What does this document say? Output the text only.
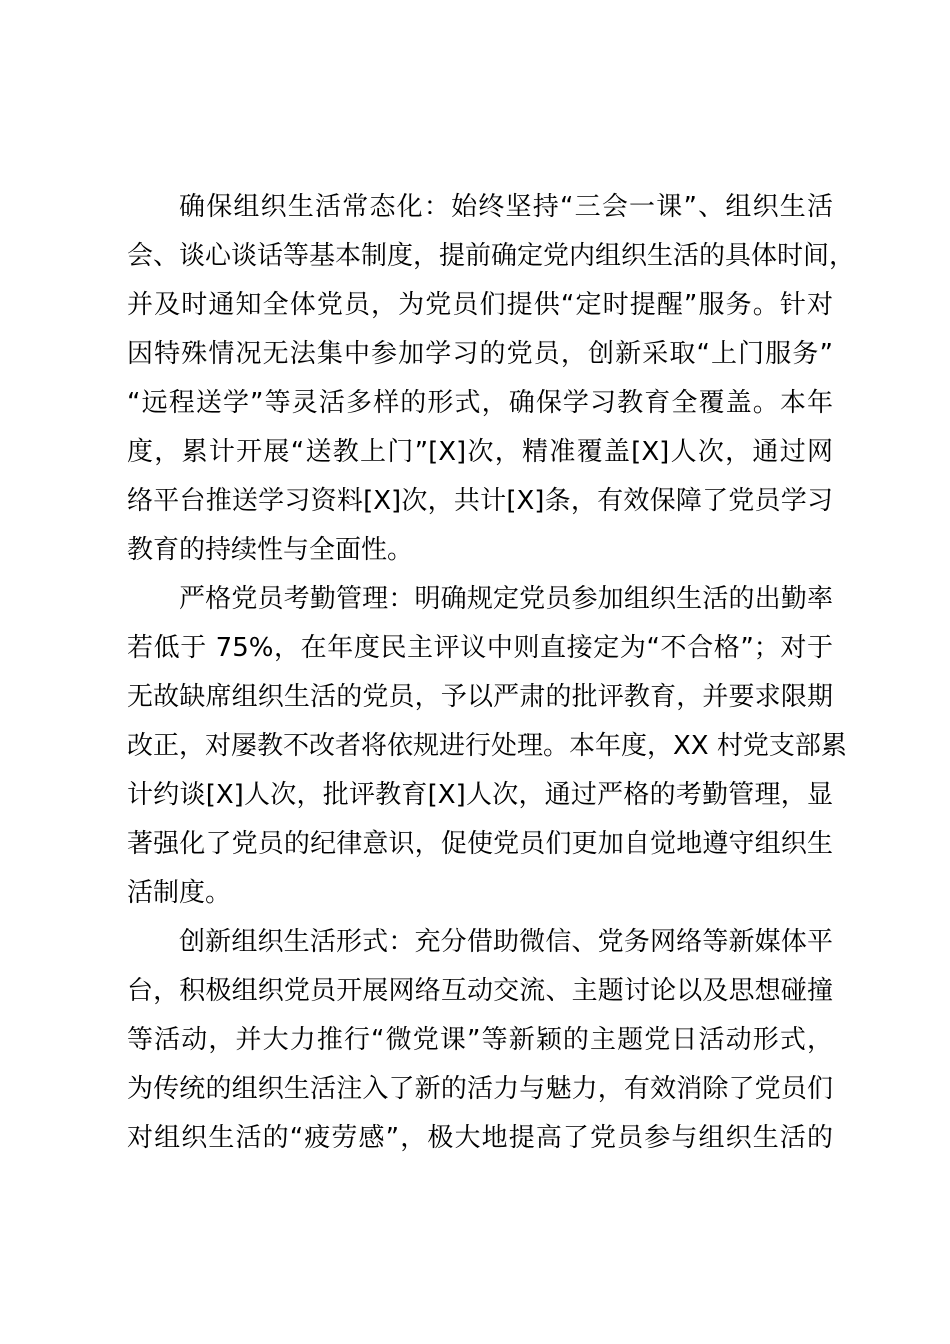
确保组织生活常态化：始终坚持“三会一课”、组织生活
会、谈心谈话等基本制度，提前确定党内组织生活的具体时间，
并及时通知全体党员，为党员们提供“定时提醒”服务。针对
因特殊情况无法集中参加学习的党员，创新采取“上门服务”
“远程送学”等灵活多样的形式，确保学习教育全覆盖。本年
度，累计开展“送教上门”[X]次，精准覆盖[X]人次，通过网
络平台推送学习资料[X]次，共计[X]条，有效保障了党员学习
教育的持续性与全面性。
严格党员考勤管理：明确规定党员参加组织生活的出勤率
若低于 75%，在年度民主评议中则直接定为“不合格”；对于
无故缺席组织生活的党员，予以严肃的批评教育，并要求限期
改正，对屡教不改者将依规进行处理。本年度，XX 村党支部累
计约谈[X]人次，批评教育[X]人次，通过严格的考勤管理，显
著强化了党员的纪律意识，促使党员们更加自觉地遵守组织生
活制度。
创新组织生活形式：充分借助微信、党务网络等新媒体平
台，积极组织党员开展网络互动交流、主题讨论以及思想碰撞
等活动，并大力推行“微党课”等新颖的主题党日活动形式，
为传统的组织生活注入了新的活力与魅力，有效消除了党员们
对组织生活的“疲劳感”，极大地提高了党员参与组织生活的
